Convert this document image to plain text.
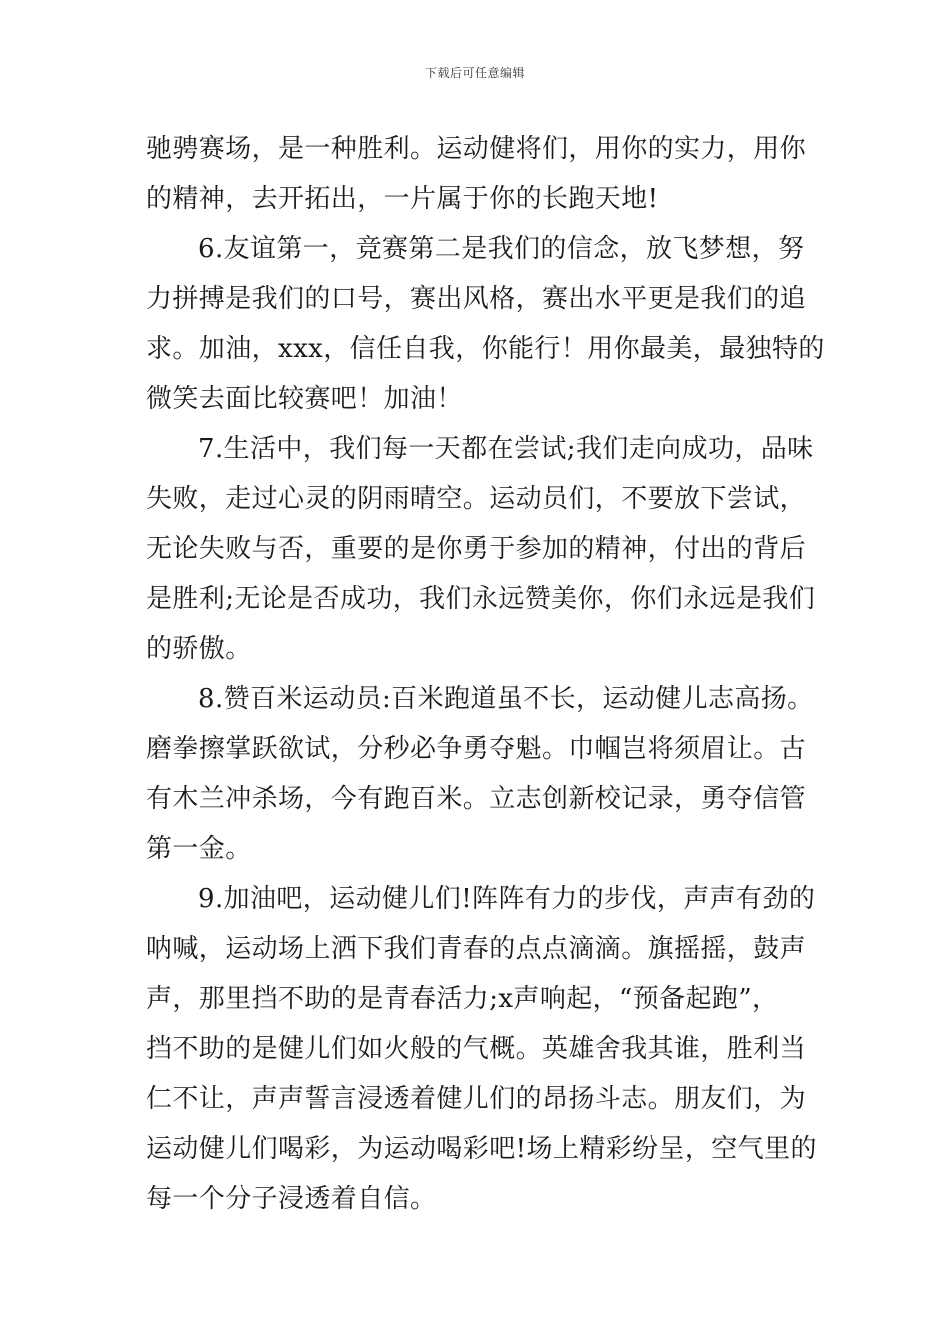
下载后可任意编辑
驰骋赛场，是一种胜利。运动健将们，用你的实力，用你
的精神，去开拓出，一片属于你的长跑天地!
6.友谊第一，竞赛第二是我们的信念，放飞梦想，努
力拼搏是我们的口号，赛出风格，赛出水平更是我们的追
求。加油，xxx，信任自我，你能行！用你最美，最独特的
微笑去面比较赛吧！加油！
7.生活中，我们每一天都在尝试;我们走向成功，品味
失败，走过心灵的阴雨晴空。运动员们，不要放下尝试，
无论失败与否，重要的是你勇于参加的精神，付出的背后
是胜利;无论是否成功，我们永远赞美你，你们永远是我们
的骄傲。
8.赞百米运动员:百米跑道虽不长，运动健儿志高扬。
磨拳擦掌跃欲试，分秒必争勇夺魁。巾帼岂将须眉让。古
有木兰冲杀场，今有跑百米。立志创新校记录，勇夺信管
第一金。
9.加油吧，运动健儿们!阵阵有力的步伐，声声有劲的
呐喊，运动场上洒下我们青春的点点滴滴。旗摇摇，鼓声
声，那里挡不助的是青春活力;x声响起，“预备起跑”，
挡不助的是健儿们如火般的气概。英雄舍我其谁，胜利当
仁不让，声声誓言浸透着健儿们的昂扬斗志。朋友们，为
运动健儿们喝彩，为运动喝彩吧!场上精彩纷呈，空气里的
每一个分子浸透着自信。
